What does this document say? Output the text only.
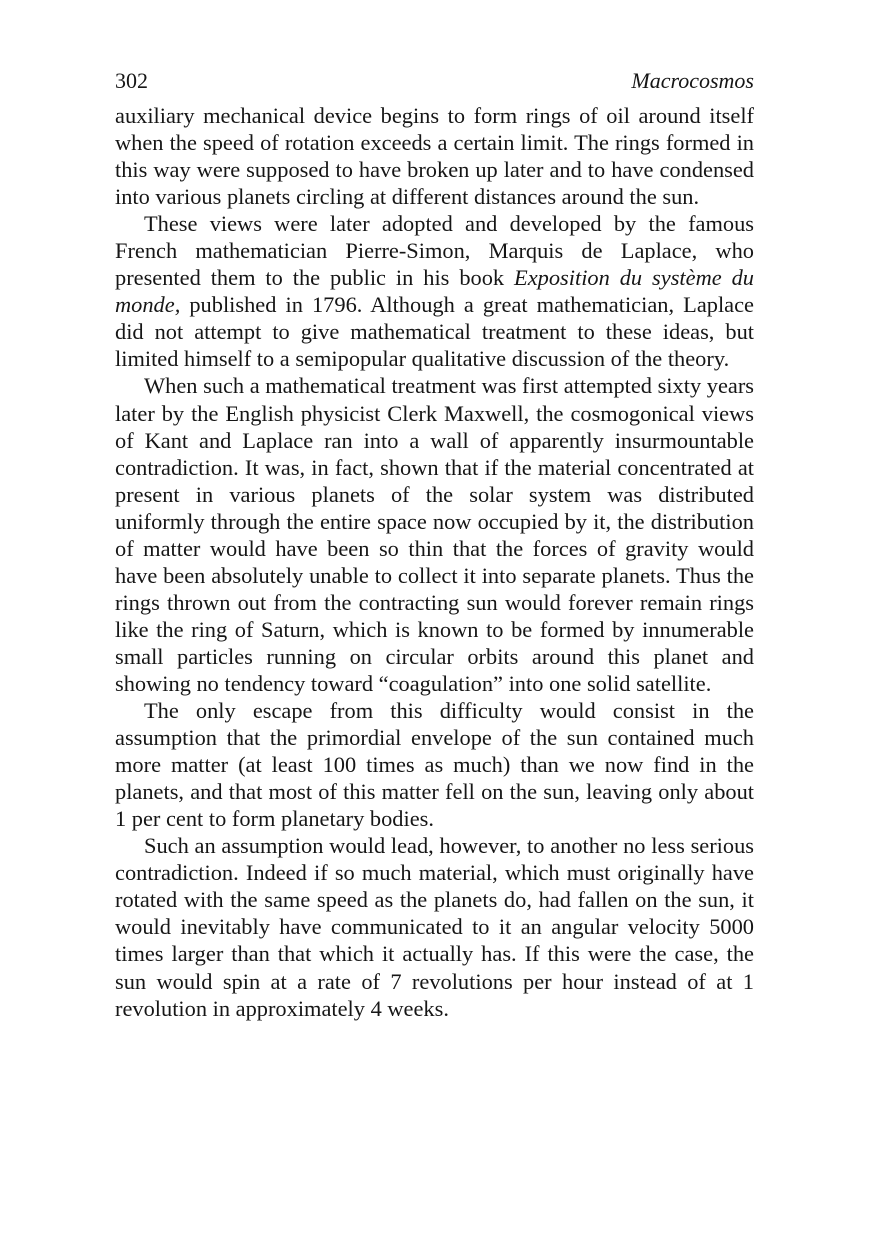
302	Macrocosmos

auxiliary mechanical device begins to form rings of oil around itself when the speed of rotation exceeds a certain limit. The rings formed in this way were supposed to have broken up later and to have condensed into various planets circling at different distances around the sun.

These views were later adopted and developed by the famous French mathematician Pierre-Simon, Marquis de Laplace, who presented them to the public in his book Exposition du système du monde, published in 1796. Although a great mathematician, Laplace did not attempt to give mathematical treatment to these ideas, but limited himself to a semipopular qualitative discussion of the theory.

When such a mathematical treatment was first attempted sixty years later by the English physicist Clerk Maxwell, the cosmogonical views of Kant and Laplace ran into a wall of apparently insurmountable contradiction. It was, in fact, shown that if the material concentrated at present in various planets of the solar system was distributed uniformly through the entire space now occupied by it, the distribution of matter would have been so thin that the forces of gravity would have been absolutely unable to collect it into separate planets. Thus the rings thrown out from the contracting sun would forever remain rings like the ring of Saturn, which is known to be formed by innumerable small particles running on circular orbits around this planet and showing no tendency toward “coagulation” into one solid satellite.

The only escape from this difficulty would consist in the assumption that the primordial envelope of the sun contained much more matter (at least 100 times as much) than we now find in the planets, and that most of this matter fell on the sun, leaving only about 1 per cent to form planetary bodies.

Such an assumption would lead, however, to another no less serious contradiction. Indeed if so much material, which must originally have rotated with the same speed as the planets do, had fallen on the sun, it would inevitably have communicated to it an angular velocity 5000 times larger than that which it actually has. If this were the case, the sun would spin at a rate of 7 revolutions per hour instead of at 1 revolution in approximately 4 weeks.
